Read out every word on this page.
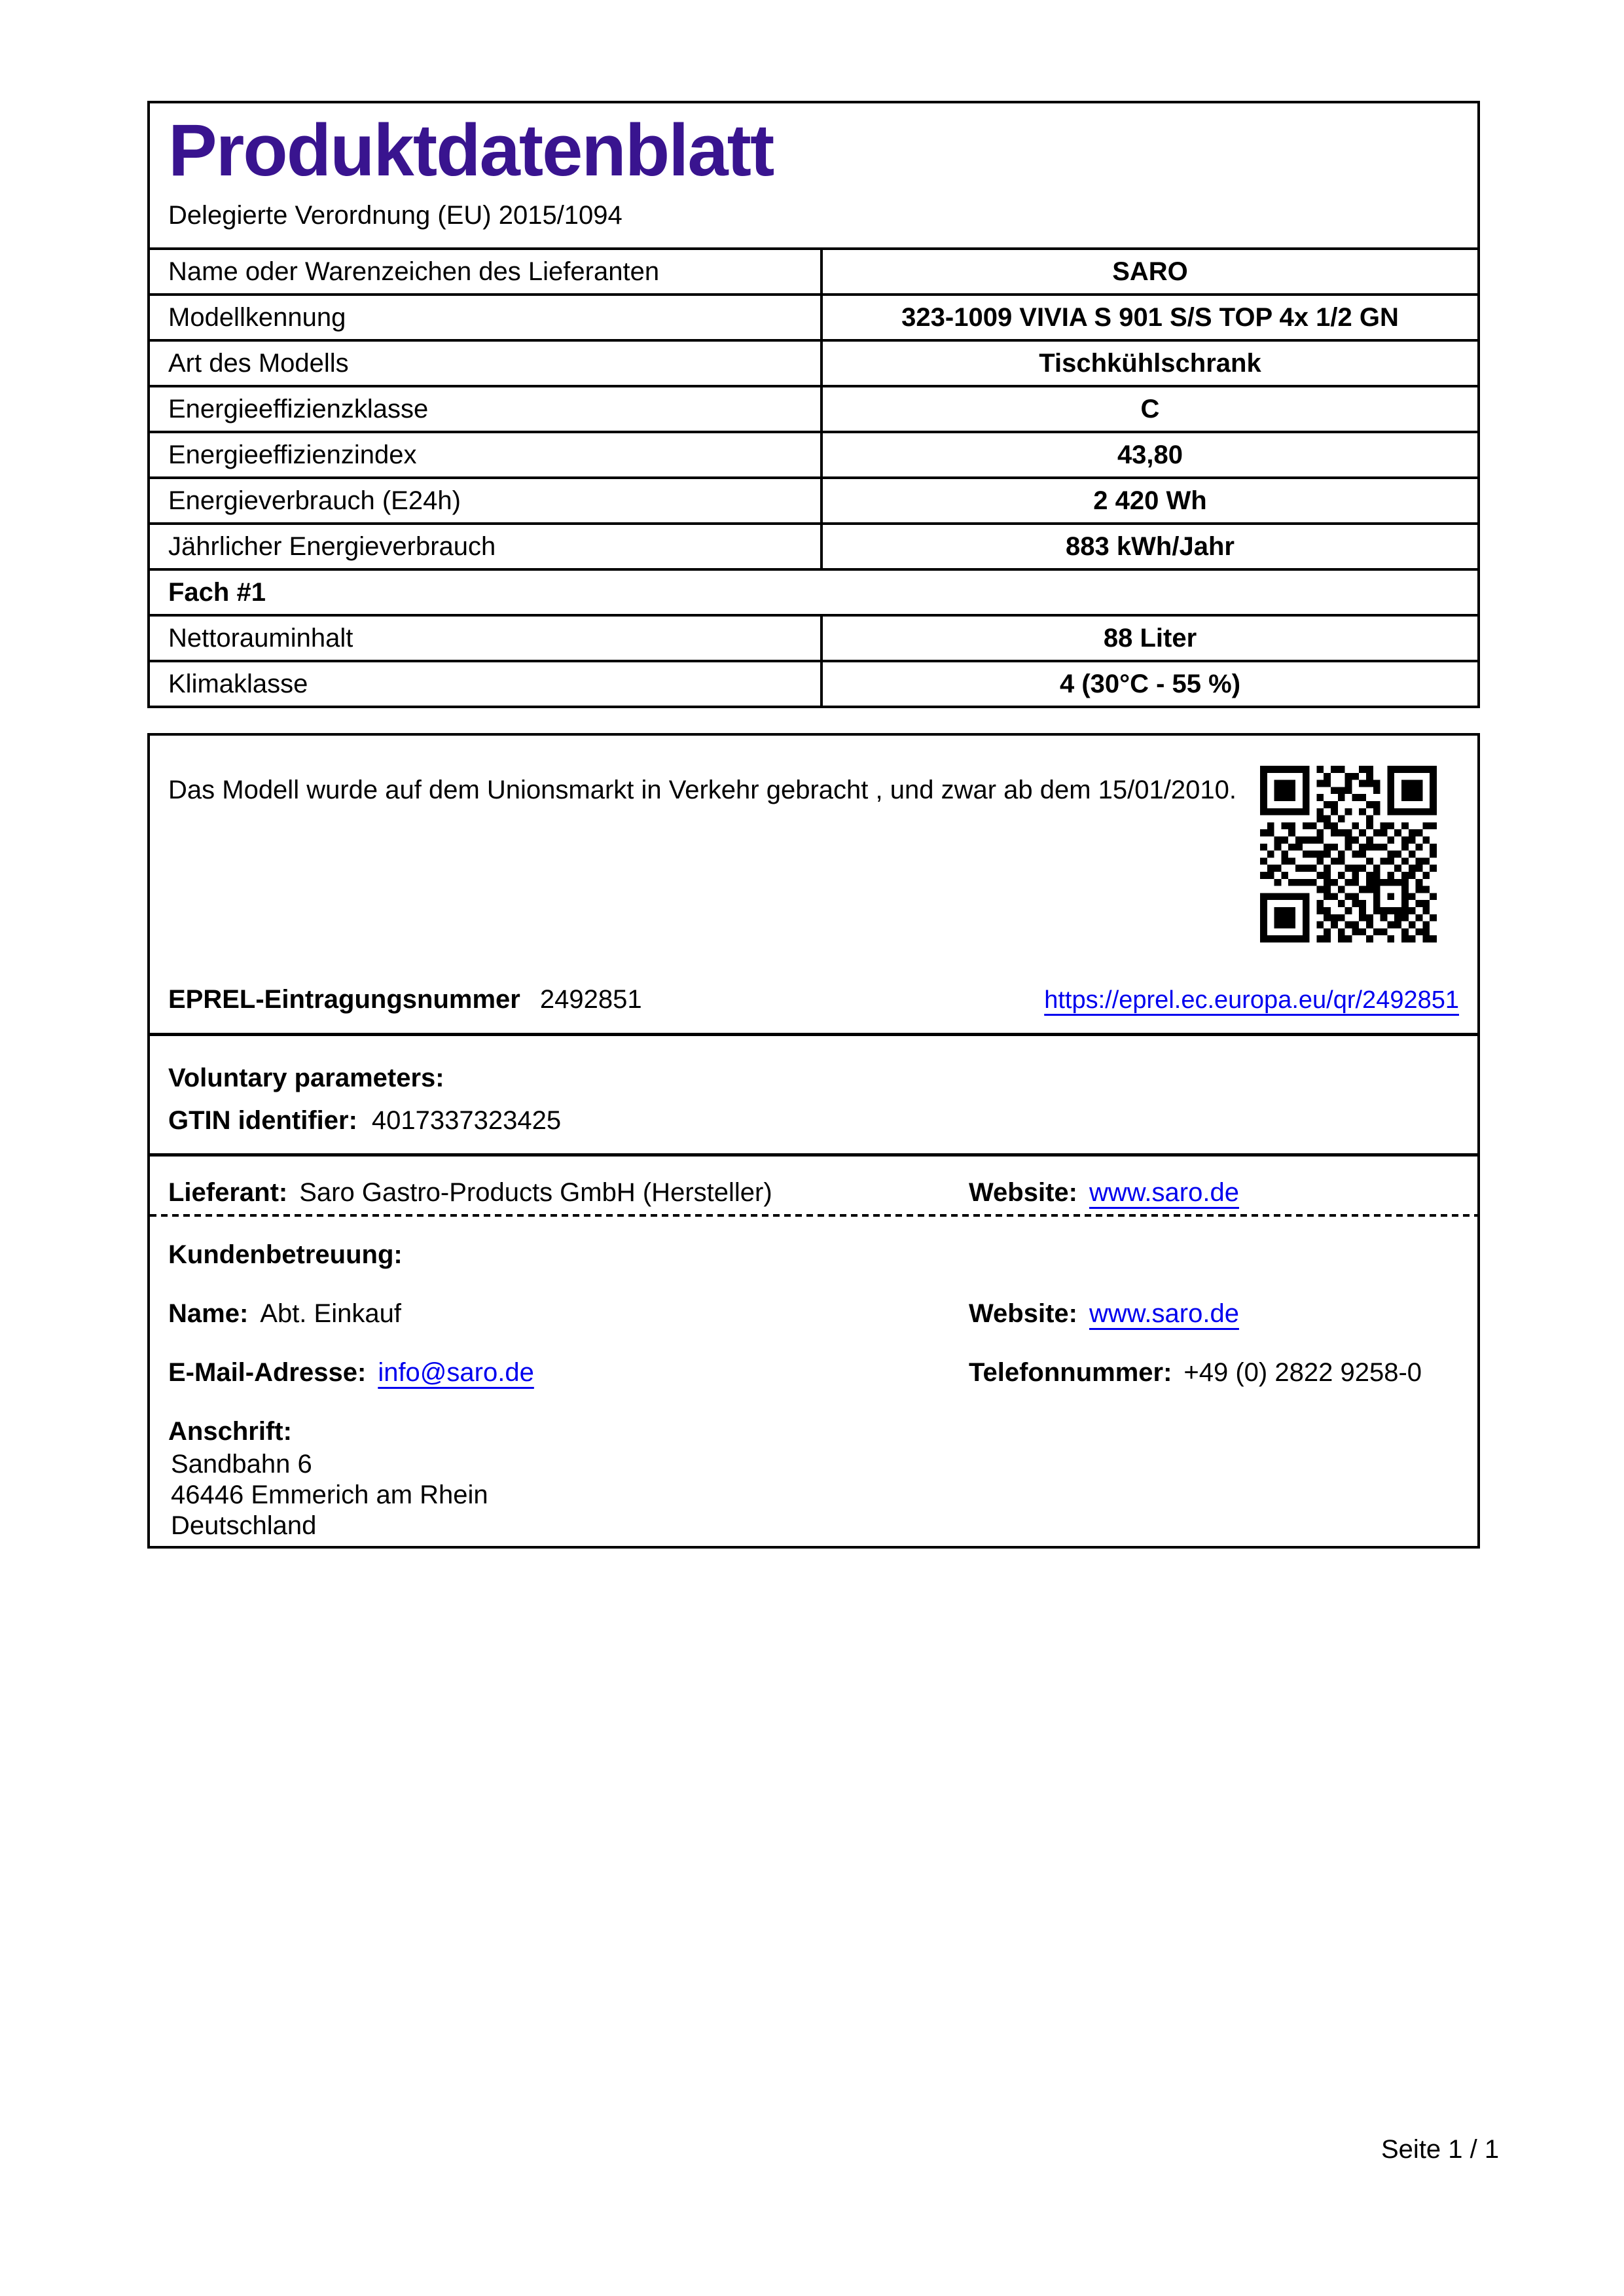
Produktdatenblatt

Delegierte Verordnung (EU) 2015/1094

Name oder Warenzeichen des Lieferanten	SARO
Modellkennung	323-1009 VIVIA S 901 S/S TOP 4x 1/2 GN
Art des Modells	Tischkühlschrank
Energieeffizienzklasse	C
Energieeffizienzindex	43,80
Energieverbrauch (E24h)	2 420 Wh
Jährlicher Energieverbrauch	883 kWh/Jahr
Fach #1
Nettorauminhalt	88 Liter
Klimaklasse	4 (30°C - 55 %)

Das Modell wurde auf dem Unionsmarkt in Verkehr gebracht , und zwar ab dem 15/01/2010.

EPREL-Eintragungsnummer 2492851	https://eprel.ec.europa.eu/qr/2492851
Voluntary parameters:
GTIN identifier: 4017337323425
Lieferant: Saro Gastro-Products GmbH (Hersteller)	Website: www.saro.de
Kundenbetreuung:
Name: Abt. Einkauf	Website: www.saro.de
E-Mail-Adresse: info@saro.de	Telefonnummer: +49 (0) 2822 9258-0
Anschrift:
Sandbahn 6
46446 Emmerich am Rhein
Deutschland
Seite 1 / 1
